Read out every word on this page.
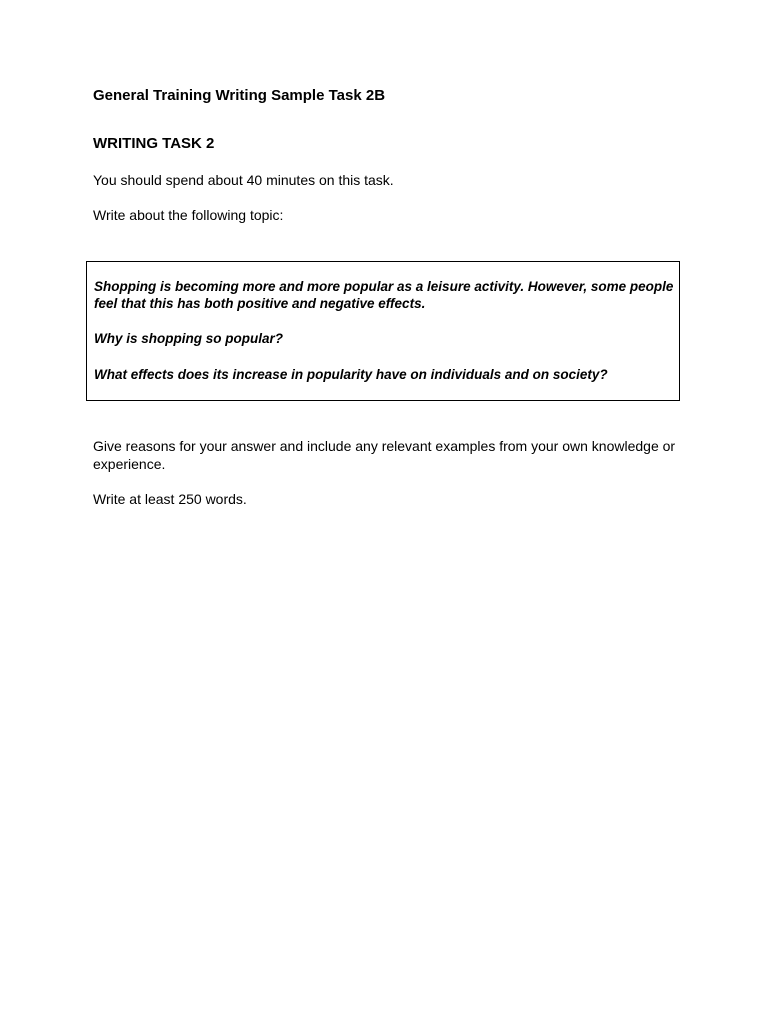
General Training Writing Sample Task 2B
WRITING TASK 2
You should spend about 40 minutes on this task.
Write about the following topic:
Shopping is becoming more and more popular as a leisure activity. However, some people feel that this has both positive and negative effects.
Why is shopping so popular?
What effects does its increase in popularity have on individuals and on society?
Give reasons for your answer and include any relevant examples from your own knowledge or experience.
Write at least 250 words.
